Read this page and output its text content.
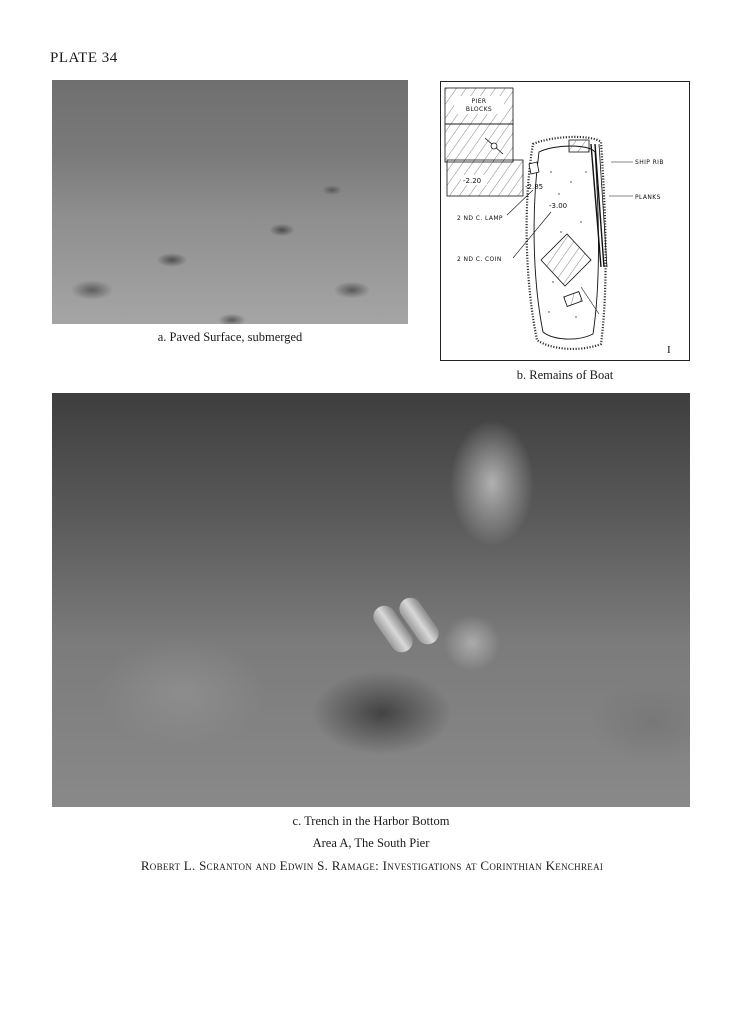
PLATE 34
a. Paved Surface, submerged
PIER
BLOCKS
-2.20
-2.85
-3.00
SHIP RIB
PLANKS
2 ND C. LAMP
2 ND C. COIN
I
b. Remains of Boat
c. Trench in the Harbor Bottom
Area A, The South Pier
Robert L. Scranton and Edwin S. Ramage: Investigations at Corinthian Kenchreai
